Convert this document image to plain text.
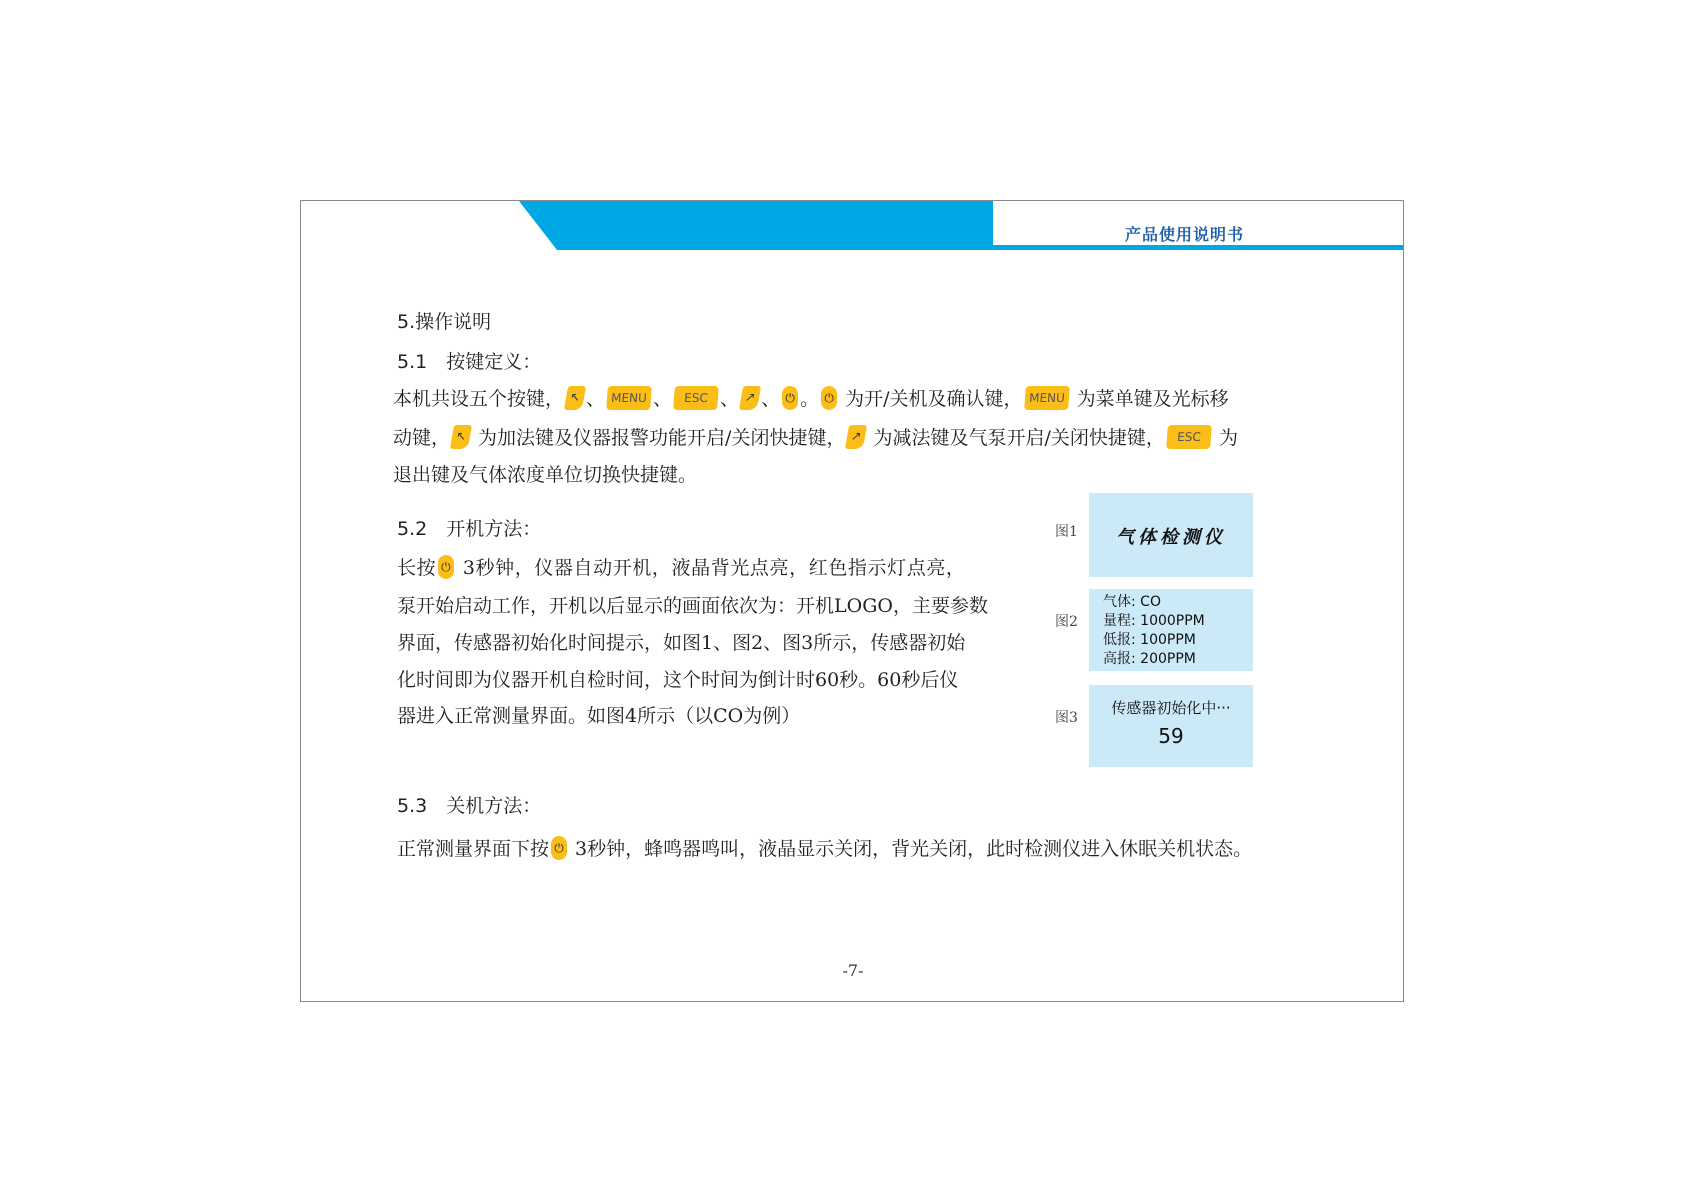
产品使用说明书
5.操作说明
5.1　按键定义：
本机共设五个按键， ↖ 、 MENU 、 ESC 、 ↗ 、 ⏻ 。 ⏻ 为开/关机及确认键， MENU 为菜单键及光标移
动键， ↖ 为加法键及仪器报警功能开启/关闭快捷键， ↗ 为减法键及气泵开启/关闭快捷键， ESC 为
退出键及气体浓度单位切换快捷键。
5.2　开机方法：
长按 ⏻ 3秒钟，仪器自动开机，液晶背光点亮，红色指示灯点亮，
泵开始启动工作，开机以后显示的画面依次为：开机LOGO，主要参数
界面，传感器初始化时间提示，如图1、图2、图3所示，传感器初始
化时间即为仪器开机自检时间，这个时间为倒计时60秒。60秒后仪
器进入正常测量界面。如图4所示（以CO为例）
图1	气体检测仪
图2
气体: CO
量程: 1000PPM
低报: 100PPM
高报: 200PPM
图3
传感器初始化中···
59
5.3　关机方法：
正常测量界面下按 ⏻ 3秒钟，蜂鸣器鸣叫，液晶显示关闭，背光关闭，此时检测仪进入休眠关机状态。
-7-
